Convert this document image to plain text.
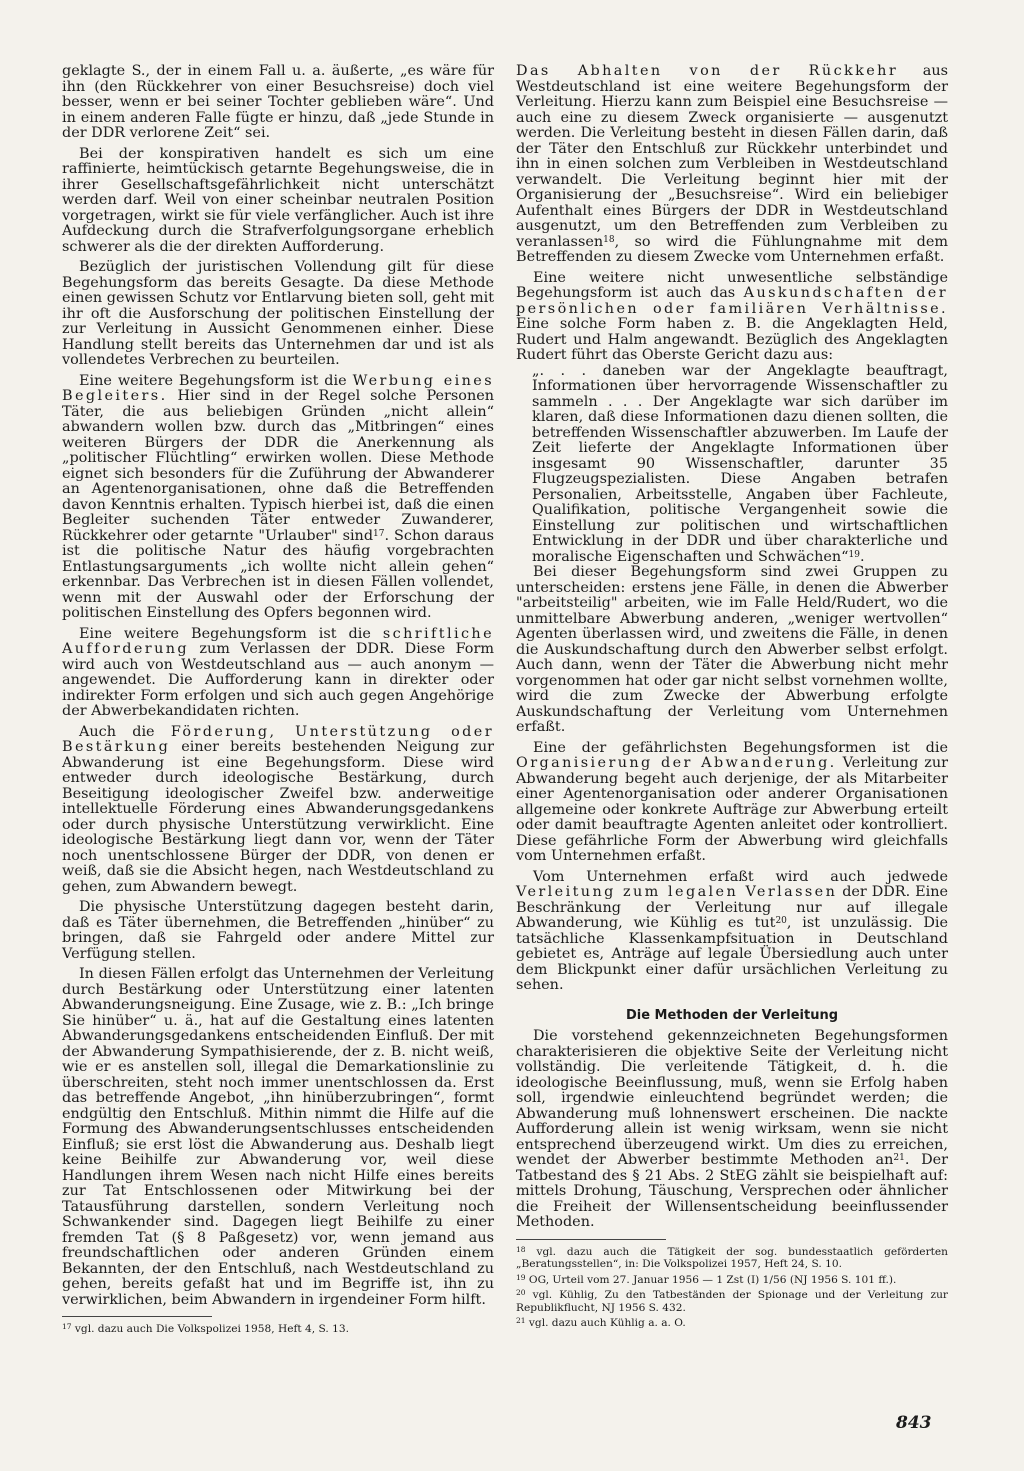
geklagte S., der in einem Fall u. a. äußerte, „es wäre für ihn (den Rückkehrer von einer Besuchsreise) doch viel besser, wenn er bei seiner Tochter geblieben wäre“. Und in einem anderen Falle fügte er hinzu, daß „jede Stunde in der DDR verlorene Zeit“ sei.

Bei der konspirativen handelt es sich um eine raffinierte, heimtückisch getarnte Begehungsweise, die in ihrer Gesellschaftsgefährlichkeit nicht unterschätzt werden darf. Weil von einer scheinbar neutralen Position vorgetragen, wirkt sie für viele verfänglicher. Auch ist ihre Aufdeckung durch die Strafverfolgungsorgane erheblich schwerer als die der direkten Aufforderung.

Bezüglich der juristischen Vollendung gilt für diese Begehungsform das bereits Gesagte. Da diese Methode einen gewissen Schutz vor Entlarvung bieten soll, geht mit ihr oft die Ausforschung der politischen Einstellung der zur Verleitung in Aussicht Genommenen einher. Diese Handlung stellt bereits das Unternehmen dar und ist als vollendetes Verbrechen zu beurteilen.

Eine weitere Begehungsform ist die Werbung eines Begleiters. Hier sind in der Regel solche Personen Täter, die aus beliebigen Gründen „nicht allein“ abwandern wollen bzw. durch das „Mitbringen“ eines weiteren Bürgers der DDR die Anerkennung als „politischer Flüchtling“ erwirken wollen. Diese Methode eignet sich besonders für die Zuführung der Abwanderer an Agentenorganisationen, ohne daß die Betreffenden davon Kenntnis erhalten. Typisch hierbei ist, daß die einen Begleiter suchenden Täter entweder Zuwanderer, Rückkehrer oder getarnte "Urlauber" sind$^{17}$. Schon daraus ist die politische Natur des häufig vorgebrachten Entlastungsarguments „ich wollte nicht allein gehen“ erkennbar. Das Verbrechen ist in diesen Fällen vollendet, wenn mit der Auswahl oder der Erforschung der politischen Einstellung des Opfers begonnen wird.

Eine weitere Begehungsform ist die schriftliche Aufforderung zum Verlassen der DDR. Diese Form wird auch von Westdeutschland aus — auch anonym — angewendet. Die Aufforderung kann in direkter oder indirekter Form erfolgen und sich auch gegen Angehörige der Abwerbekandidaten richten.

Auch die Förderung, Unterstützung oder Bestärkung einer bereits bestehenden Neigung zur Abwanderung ist eine Begehungsform. Diese wird entweder durch ideologische Bestärkung, durch Beseitigung ideologischer Zweifel bzw. anderweitige intellektuelle Förderung eines Abwanderungsgedankens oder durch physische Unterstützung verwirklicht. Eine ideologische Bestärkung liegt dann vor, wenn der Täter noch unentschlossene Bürger der DDR, von denen er weiß, daß sie die Absicht hegen, nach Westdeutschland zu gehen, zum Abwandern bewegt.

Die physische Unterstützung dagegen besteht darin, daß es Täter übernehmen, die Betreffenden „hinüber“ zu bringen, daß sie Fahrgeld oder andere Mittel zur Verfügung stellen.

In diesen Fällen erfolgt das Unternehmen der Verleitung durch Bestärkung oder Unterstützung einer latenten Abwanderungsneigung. Eine Zusage, wie z. B.: „Ich bringe Sie hinüber“ u. ä., hat auf die Gestaltung eines latenten Abwanderungsgedankens entscheidenden Einfluß. Der mit der Abwanderung Sympathisierende, der z. B. nicht weiß, wie er es anstellen soll, illegal die Demarkationslinie zu überschreiten, steht noch immer unentschlossen da. Erst das betreffende Angebot, „ihn hinüberzubringen“, formt endgültig den Entschluß. Mithin nimmt die Hilfe auf die Formung des Abwanderungsentschlusses entscheidenden Einfluß; sie erst löst die Abwanderung aus. Deshalb liegt keine Beihilfe zur Abwanderung vor, weil diese Handlungen ihrem Wesen nach nicht Hilfe eines bereits zur Tat Entschlossenen oder Mitwirkung bei der Tatausführung darstellen, sondern Verleitung noch Schwankender sind. Dagegen liegt Beihilfe zu einer fremden Tat (§ 8 Paßgesetz) vor, wenn jemand aus freundschaftlichen oder anderen Gründen einem Bekannten, der den Entschluß, nach Westdeutschland zu gehen, bereits gefaßt hat und im Begriffe ist, ihn zu verwirklichen, beim Abwandern in irgendeiner Form hilft.

$^{17}$ vgl. dazu auch Die Volkspolizei 1958, Heft 4, S. 13.

Das Abhalten von der Rückkehr aus Westdeutschland ist eine weitere Begehungsform der Verleitung. Hierzu kann zum Beispiel eine Besuchsreise — auch eine zu diesem Zweck organisierte — ausgenutzt werden. Die Verleitung besteht in diesen Fällen darin, daß der Täter den Entschluß zur Rückkehr unterbindet und ihn in einen solchen zum Verbleiben in Westdeutschland verwandelt. Die Verleitung beginnt hier mit der Organisierung der „Besuchsreise“. Wird ein beliebiger Aufenthalt eines Bürgers der DDR in Westdeutschland ausgenutzt, um den Betreffenden zum Verbleiben zu veranlassen$^{18}$, so wird die Fühlungnahme mit dem Betreffenden zu diesem Zwecke vom Unternehmen erfaßt.

Eine weitere nicht unwesentliche selbständige Begehungsform ist auch das Auskundschaften der persönlichen oder familiären Verhältnisse. Eine solche Form haben z. B. die Angeklagten Held, Rudert und Halm angewandt. Bezüglich des Angeklagten Rudert führt das Oberste Gericht dazu aus:

„. . . daneben war der Angeklagte beauftragt, Informationen über hervorragende Wissenschaftler zu sammeln . . . Der Angeklagte war sich darüber im klaren, daß diese Informationen dazu dienen sollten, die betreffenden Wissenschaftler abzuwerben. Im Laufe der Zeit lieferte der Angeklagte Informationen über insgesamt 90 Wissenschaftler, darunter 35 Flugzeugspezialisten. Diese Angaben betrafen Personalien, Arbeitsstelle, Angaben über Fachleute, Qualifikation, politische Vergangenheit sowie die Einstellung zur politischen und wirtschaftlichen Entwicklung in der DDR und über charakterliche und moralische Eigenschaften und Schwächen“$^{19}$.

Bei dieser Begehungsform sind zwei Gruppen zu unterscheiden: erstens jene Fälle, in denen die Abwerber "arbeitsteilig" arbeiten, wie im Falle Held/Rudert, wo die unmittelbare Abwerbung anderen, „weniger wertvollen“ Agenten überlassen wird, und zweitens die Fälle, in denen die Auskundschaftung durch den Abwerber selbst erfolgt. Auch dann, wenn der Täter die Abwerbung nicht mehr vorgenommen hat oder gar nicht selbst vornehmen wollte, wird die zum Zwecke der Abwerbung erfolgte Auskundschaftung der Verleitung vom Unternehmen erfaßt.

Eine der gefährlichsten Begehungsformen ist die Organisierung der Abwanderung. Verleitung zur Abwanderung begeht auch derjenige, der als Mitarbeiter einer Agentenorganisation oder anderer Organisationen allgemeine oder konkrete Aufträge zur Abwerbung erteilt oder damit beauftragte Agenten anleitet oder kontrolliert. Diese gefährliche Form der Abwerbung wird gleichfalls vom Unternehmen erfaßt.

Vom Unternehmen erfaßt wird auch jedwede Verleitung zum legalen Verlassen der DDR. Eine Beschränkung der Verleitung nur auf illegale Abwanderung, wie Kühlig es tut$^{20}$, ist unzulässig. Die tatsächliche Klassenkampfsituation in Deutschland gebietet es, Anträge auf legale Übersiedlung auch unter dem Blickpunkt einer dafür ursächlichen Verleitung zu sehen.

Die Methoden der Verleitung

Die vorstehend gekennzeichneten Begehungsformen charakterisieren die objektive Seite der Verleitung nicht vollständig. Die verleitende Tätigkeit, d. h. die ideologische Beeinflussung, muß, wenn sie Erfolg haben soll, irgendwie einleuchtend begründet werden; die Abwanderung muß lohnenswert erscheinen. Die nackte Aufforderung allein ist wenig wirksam, wenn sie nicht entsprechend überzeugend wirkt. Um dies zu erreichen, wendet der Abwerber bestimmte Methoden an$^{21}$. Der Tatbestand des § 21 Abs. 2 StEG zählt sie beispielhaft auf: mittels Drohung, Täuschung, Versprechen oder ähnlicher die Freiheit der Willensentscheidung beeinflussender Methoden.

$^{18}$ vgl. dazu auch die Tätigkeit der sog. bundesstaatlich geförderten „Beratungsstellen“, in: Die Volkspolizei 1957, Heft 24, S. 10.

$^{19}$ OG, Urteil vom 27. Januar 1956 — 1 Zst (I) 1/56 (NJ 1956 S. 101 ff.).

$^{20}$ vgl. Kühlig, Zu den Tatbeständen der Spionage und der Verleitung zur Republikflucht, NJ 1956 S. 432.

$^{21}$ vgl. dazu auch Kühlig a. a. O.

843
